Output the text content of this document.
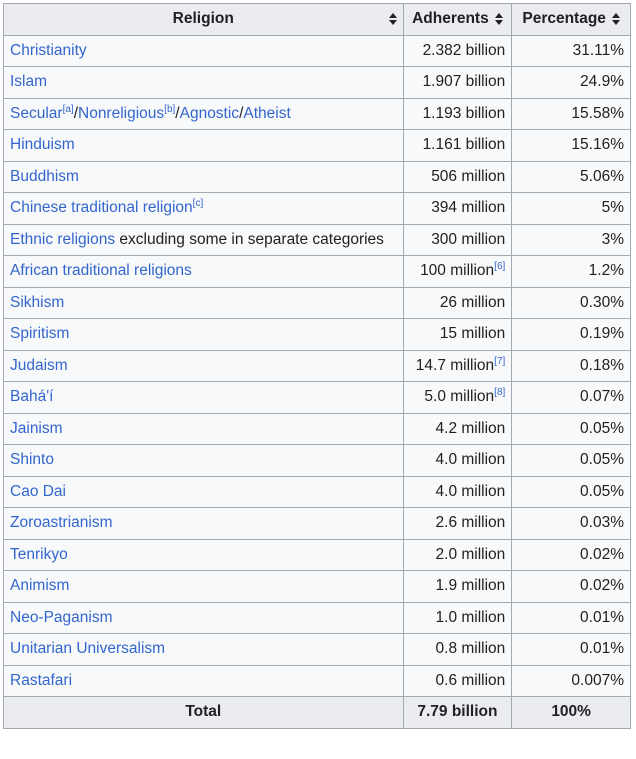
Religion	Adherents	Percentage

Christianity	2.382 billion	31.11%
Islam	1.907 billion	24.9%
Secular[a]/Nonreligious[b]/Agnostic/Atheist	1.193 billion	15.58%
Hinduism	1.161 billion	15.16%
Buddhism	506 million	5.06%
Chinese traditional religion[c]	394 million	5%
Ethnic religions excluding some in separate categories	300 million	3%
African traditional religions	100 million[6]	1.2%
Sikhism	26 million	0.30%
Spiritism	15 million	0.19%
Judaism	14.7 million[7]	0.18%
Bahá'í	5.0 million[8]	0.07%
Jainism	4.2 million	0.05%
Shinto	4.0 million	0.05%
Cao Dai	4.0 million	0.05%
Zoroastrianism	2.6 million	0.03%
Tenrikyo	2.0 million	0.02%
Animism	1.9 million	0.02%
Neo-Paganism	1.0 million	0.01%
Unitarian Universalism	0.8 million	0.01%
Rastafari	0.6 million	0.007%
Total	7.79 billion	100%
